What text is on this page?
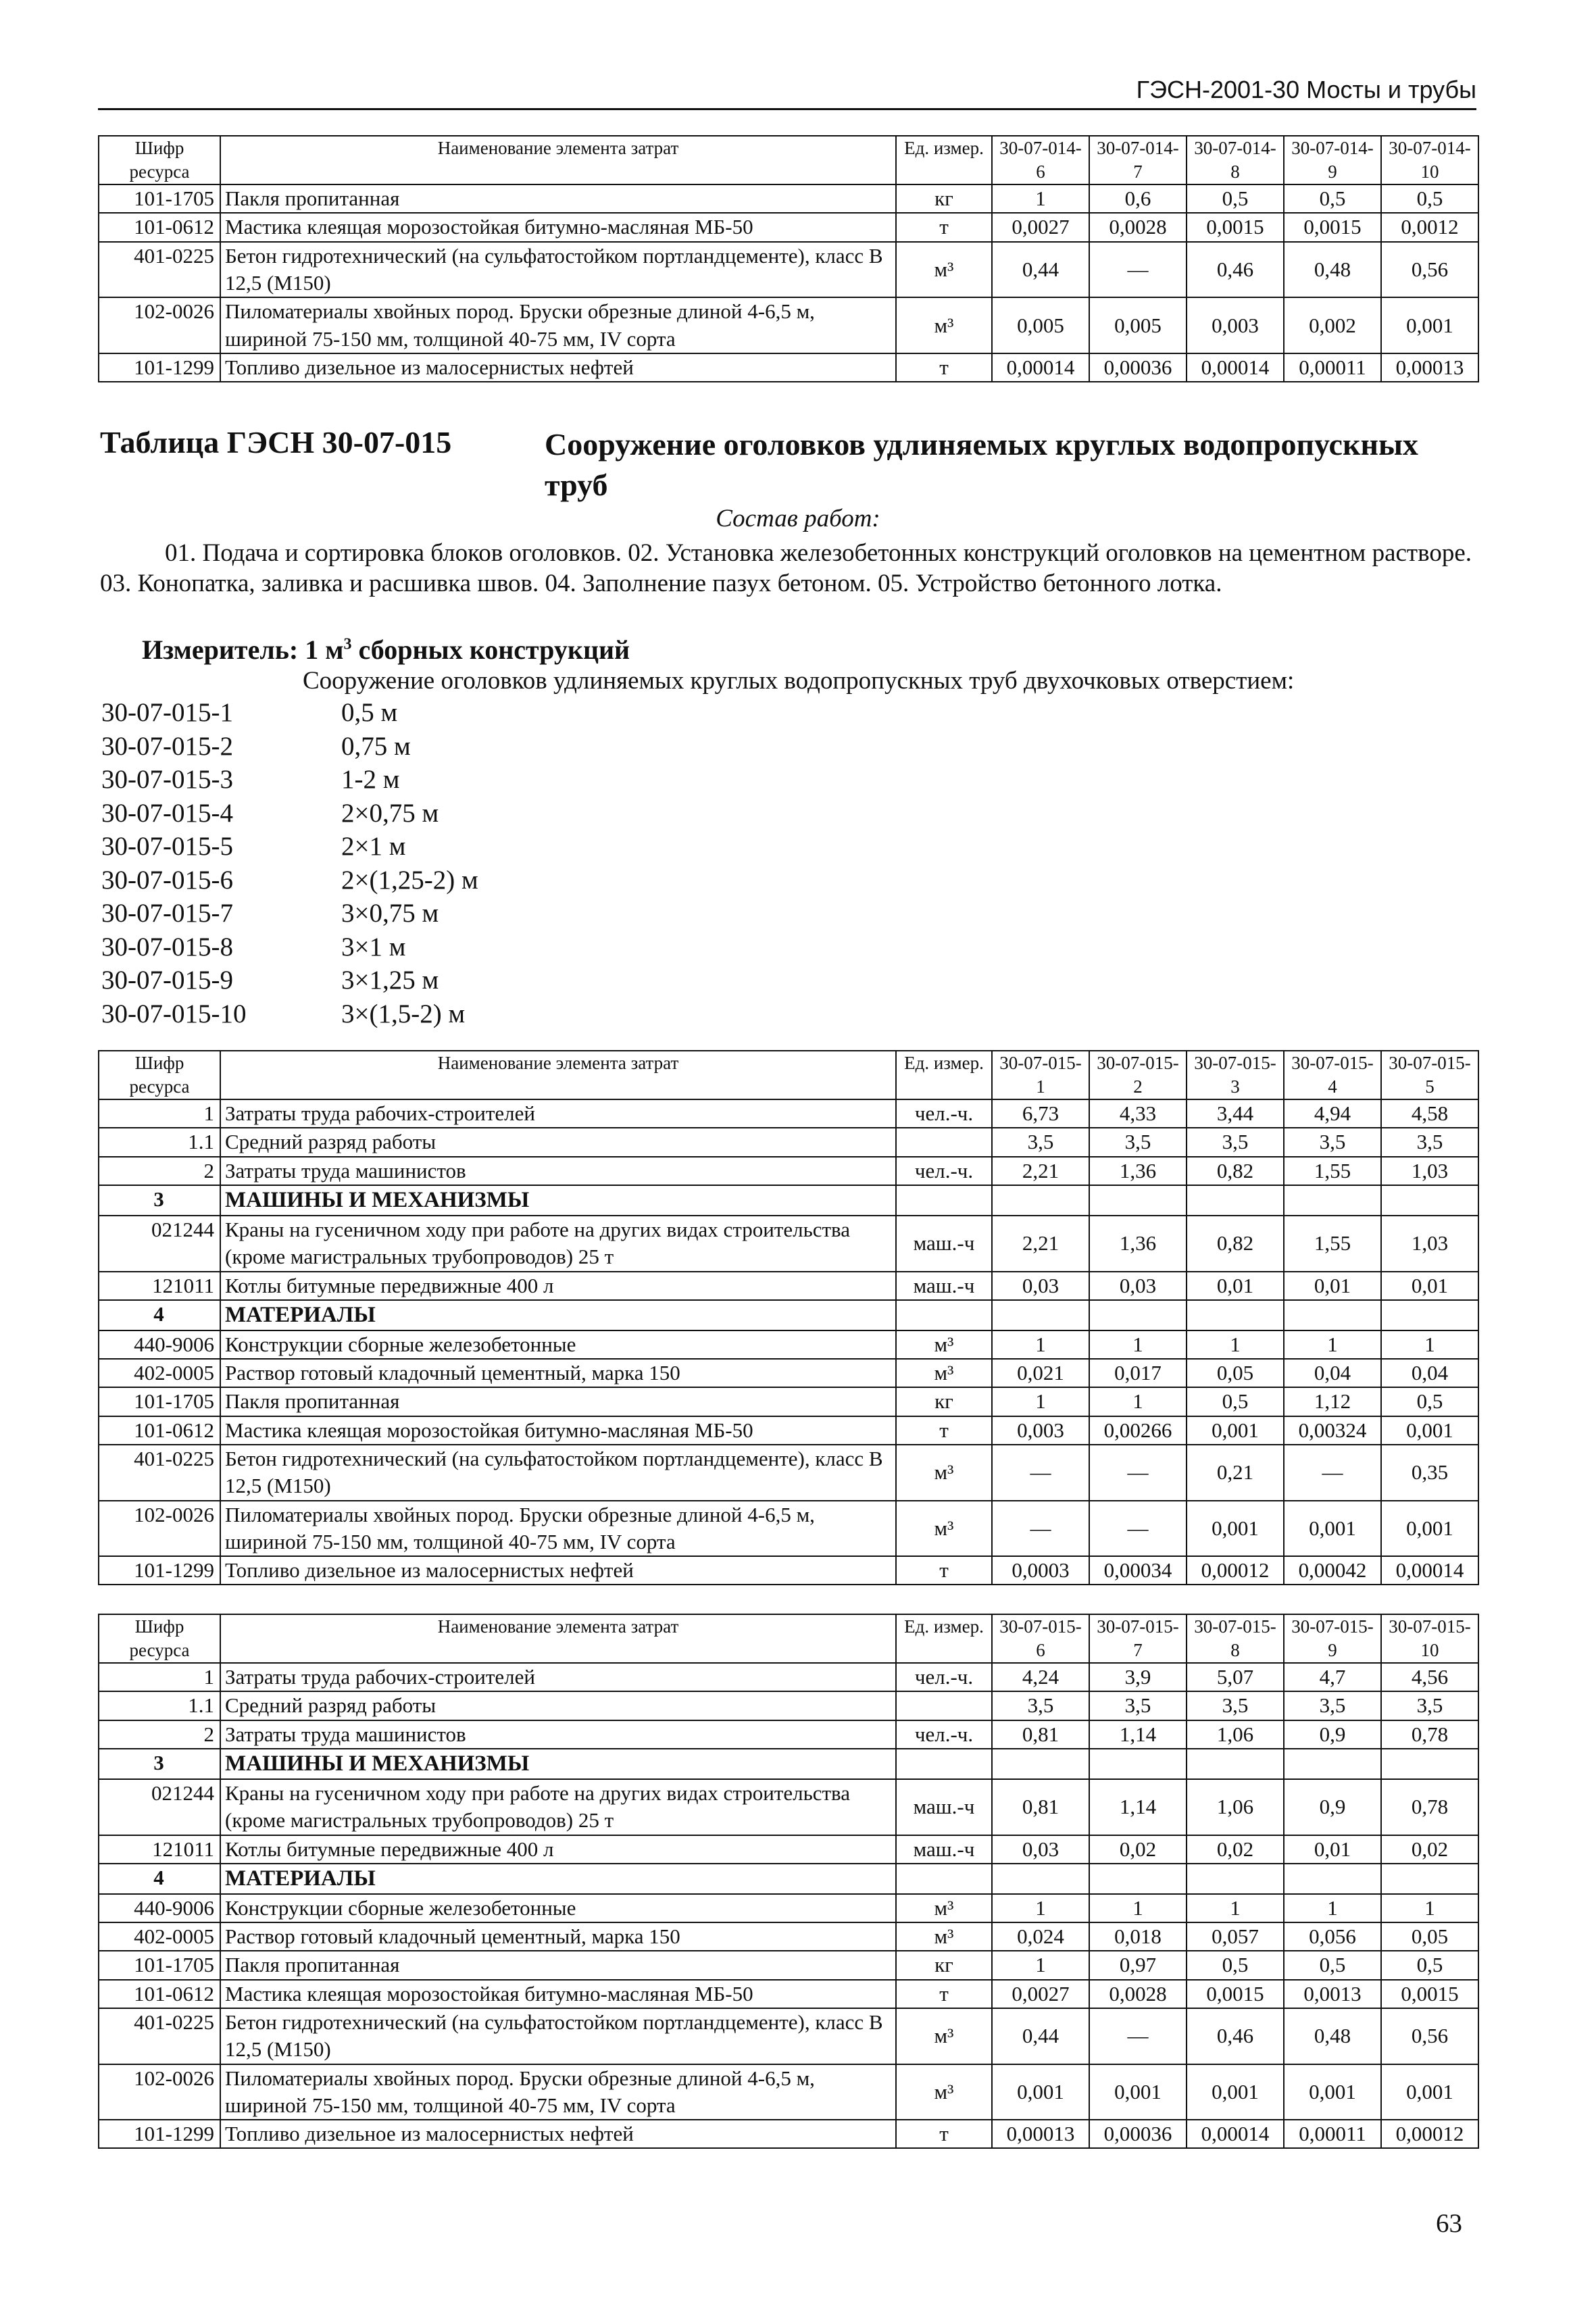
ГЭСН-2001-30 Мосты и трубы
Шифр ресурса	Наименование элемента затрат	Ед. измер.	30-07-014-6	30-07-014-7	30-07-014-8	30-07-014-9	30-07-014-10
101-1705	Пакля пропитанная	кг	1	0,6	0,5	0,5	0,5
101-0612	Мастика клеящая морозостойкая битумно-масляная МБ-50	т	0,0027	0,0028	0,0015	0,0015	0,0012
401-0225	Бетон гидротехнический (на сульфатостойком портландцементе), класс В 12,5 (М150)	м³	0,44	—	0,46	0,48	0,56
102-0026	Пиломатериалы хвойных пород. Бруски обрезные длиной 4-6,5 м, шириной 75-150 мм, толщиной 40-75 мм, IV сорта	м³	0,005	0,005	0,003	0,002	0,001
101-1299	Топливо дизельное из малосернистых нефтей	т	0,00014	0,00036	0,00014	0,00011	0,00013
Таблица ГЭСН 30-07-015	Сооружение оголовков удлиняемых круглых водопропускных труб
Состав работ:
01. Подача и сортировка блоков оголовков. 02. Установка железобетонных конструкций оголовков на цементном растворе. 03. Конопатка, заливка и расшивка швов. 04. Заполнение пазух бетоном. 05. Устройство бетонного лотка.
Измеритель: 1 $м^3$ сборных конструкций
Сооружение оголовков удлиняемых круглых водопропускных труб двухочковых отверстием:
30-07-015-1	0,5 м
30-07-015-2	0,75 м
30-07-015-3	1-2 м
30-07-015-4	2×0,75 м
30-07-015-5	2×1 м
30-07-015-6	2×(1,25-2) м
30-07-015-7	3×0,75 м
30-07-015-8	3×1 м
30-07-015-9	3×1,25 м
30-07-015-10	3×(1,5-2) м
Шифр ресурса	Наименование элемента затрат	Ед. измер.	30-07-015-1	30-07-015-2	30-07-015-3	30-07-015-4	30-07-015-5
1	Затраты труда рабочих-строителей	чел.-ч.	6,73	4,33	3,44	4,94	4,58
1.1	Средний разряд работы		3,5	3,5	3,5	3,5	3,5
2	Затраты труда машинистов	чел.-ч.	2,21	1,36	0,82	1,55	1,03
3	МАШИНЫ И МЕХАНИЗМЫ						
021244	Краны на гусеничном ходу при работе на других видах строительства (кроме магистральных трубопроводов) 25 т	маш.-ч	2,21	1,36	0,82	1,55	1,03
121011	Котлы битумные передвижные 400 л	маш.-ч	0,03	0,03	0,01	0,01	0,01
4	МАТЕРИАЛЫ						
440-9006	Конструкции сборные железобетонные	м³	1	1	1	1	1
402-0005	Раствор готовый кладочный цементный, марка 150	м³	0,021	0,017	0,05	0,04	0,04
101-1705	Пакля пропитанная	кг	1	1	0,5	1,12	0,5
101-0612	Мастика клеящая морозостойкая битумно-масляная МБ-50	т	0,003	0,00266	0,001	0,00324	0,001
401-0225	Бетон гидротехнический (на сульфатостойком портландцементе), класс В 12,5 (М150)	м³	—	—	0,21	—	0,35
102-0026	Пиломатериалы хвойных пород. Бруски обрезные длиной 4-6,5 м, шириной 75-150 мм, толщиной 40-75 мм, IV сорта	м³	—	—	0,001	0,001	0,001
101-1299	Топливо дизельное из малосернистых нефтей	т	0,0003	0,00034	0,00012	0,00042	0,00014
Шифр ресурса	Наименование элемента затрат	Ед. измер.	30-07-015-6	30-07-015-7	30-07-015-8	30-07-015-9	30-07-015-10
1	Затраты труда рабочих-строителей	чел.-ч.	4,24	3,9	5,07	4,7	4,56
1.1	Средний разряд работы		3,5	3,5	3,5	3,5	3,5
2	Затраты труда машинистов	чел.-ч.	0,81	1,14	1,06	0,9	0,78
3	МАШИНЫ И МЕХАНИЗМЫ						
021244	Краны на гусеничном ходу при работе на других видах строительства (кроме магистральных трубопроводов) 25 т	маш.-ч	0,81	1,14	1,06	0,9	0,78
121011	Котлы битумные передвижные 400 л	маш.-ч	0,03	0,02	0,02	0,01	0,02
4	МАТЕРИАЛЫ						
440-9006	Конструкции сборные железобетонные	м³	1	1	1	1	1
402-0005	Раствор готовый кладочный цементный, марка 150	м³	0,024	0,018	0,057	0,056	0,05
101-1705	Пакля пропитанная	кг	1	0,97	0,5	0,5	0,5
101-0612	Мастика клеящая морозостойкая битумно-масляная МБ-50	т	0,0027	0,0028	0,0015	0,0013	0,0015
401-0225	Бетон гидротехнический (на сульфатостойком портландцементе), класс В 12,5 (М150)	м³	0,44	—	0,46	0,48	0,56
102-0026	Пиломатериалы хвойных пород. Бруски обрезные длиной 4-6,5 м, шириной 75-150 мм, толщиной 40-75 мм, IV сорта	м³	0,001	0,001	0,001	0,001	0,001
101-1299	Топливо дизельное из малосернистых нефтей	т	0,00013	0,00036	0,00014	0,00011	0,00012
63
